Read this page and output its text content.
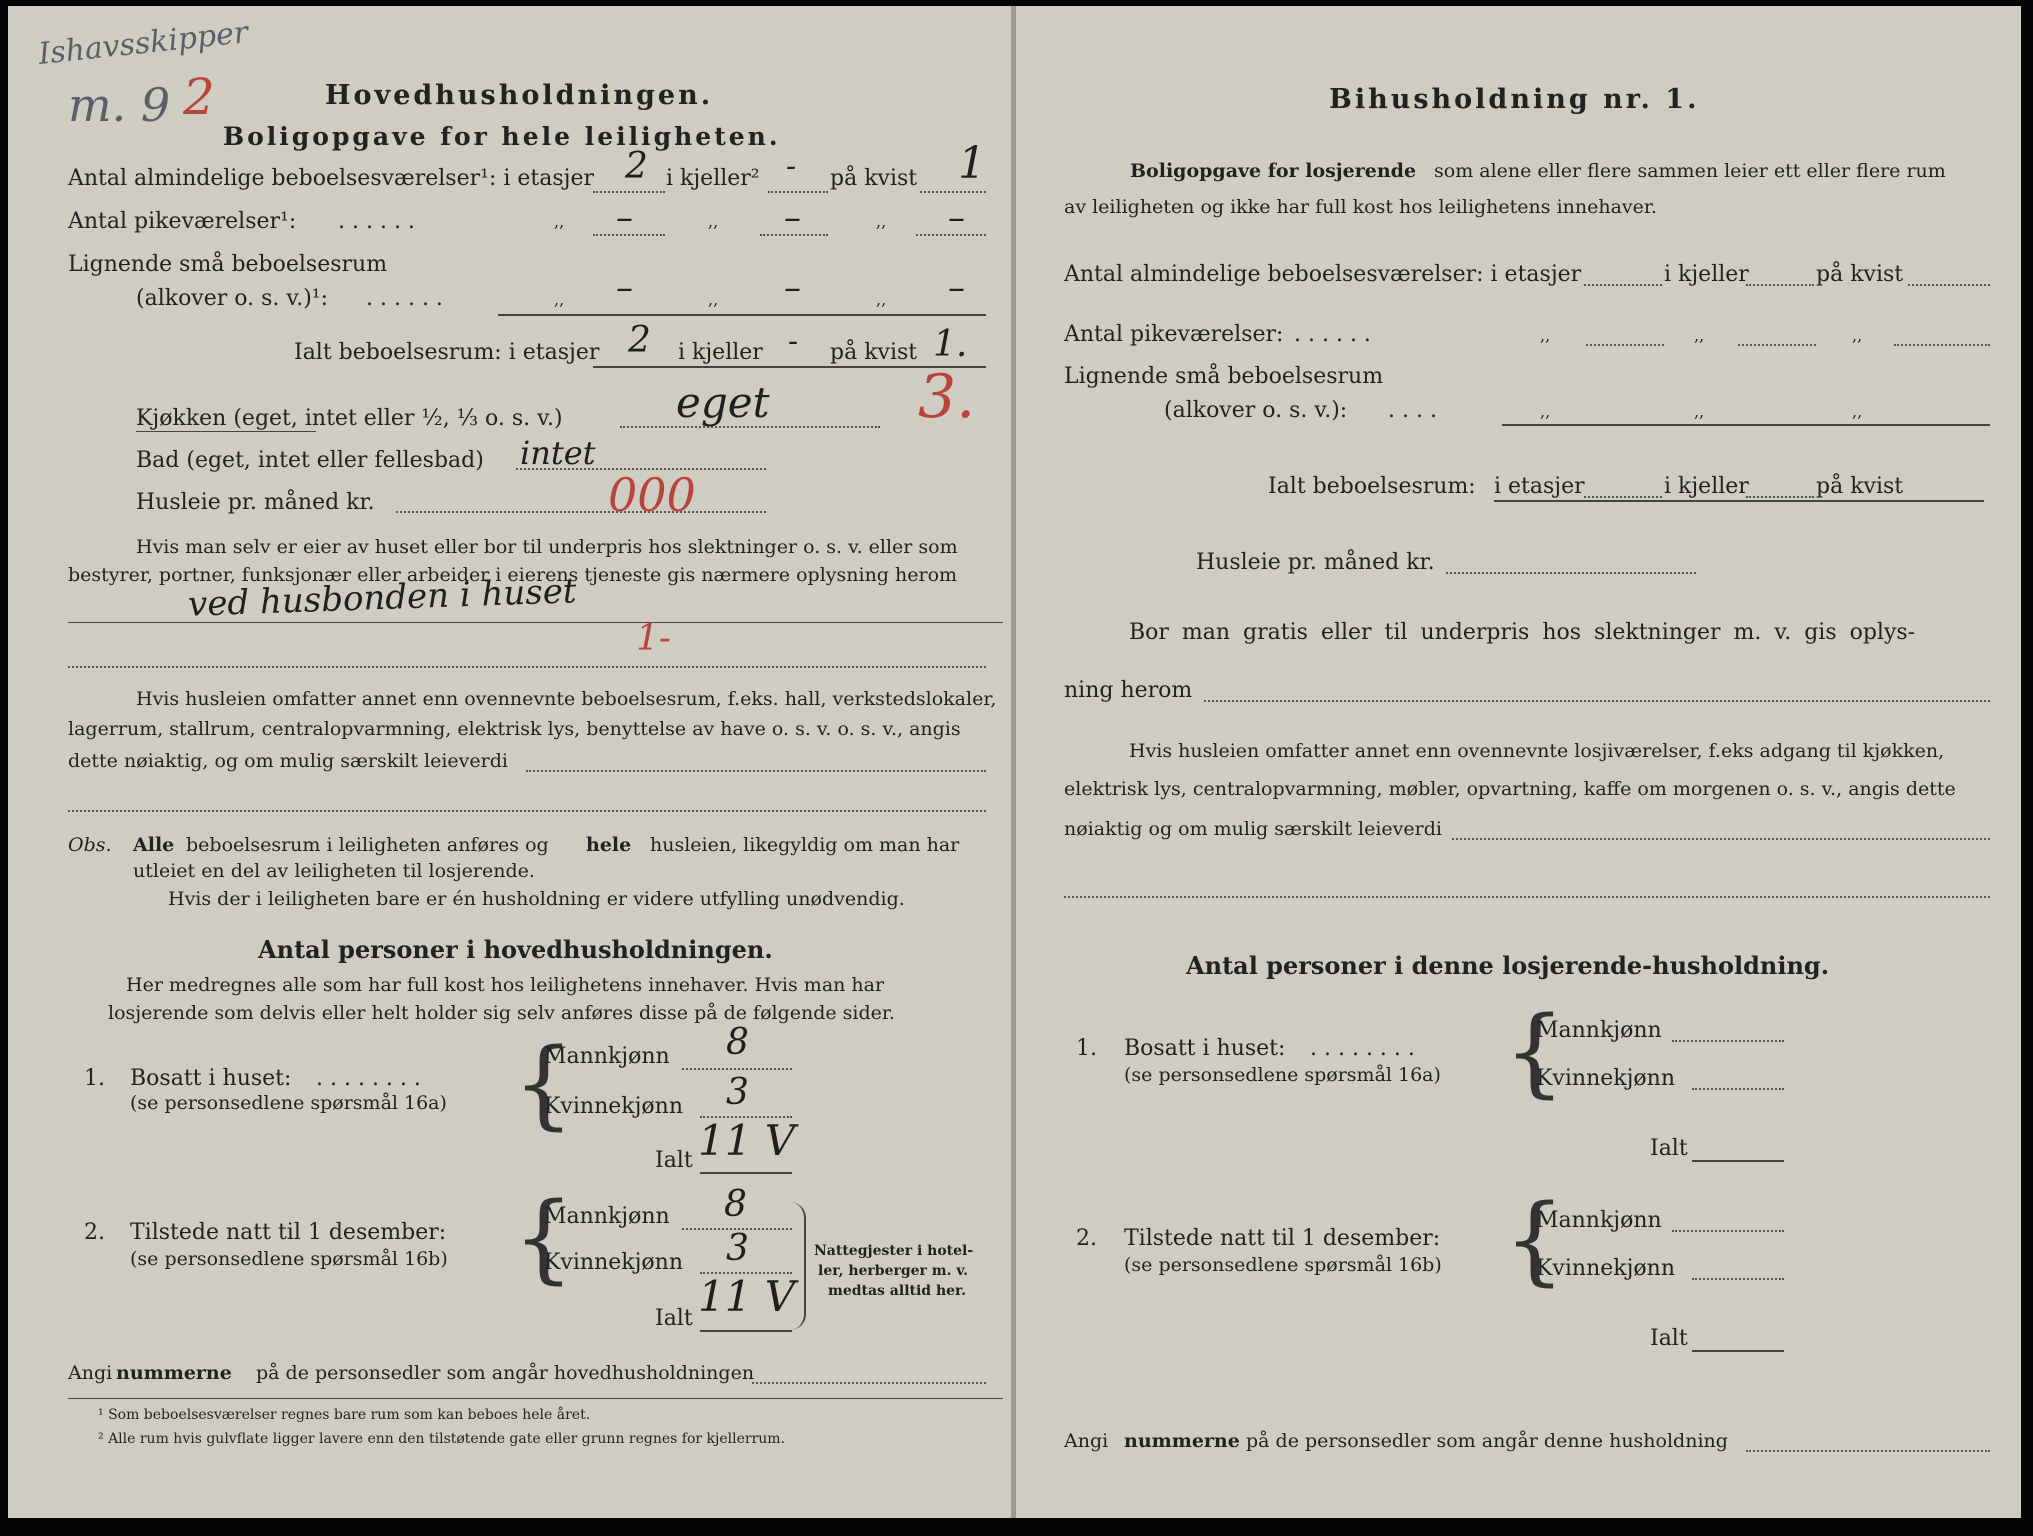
Ishavsskipper
m. 9 2	Hovedhusholdningen.
Boligopgave for hele leiligheten.
Antal almindelige beboelsesværelser¹: i etasjer 2 i kjeller² - på kvist 1
Antal pikeværelser¹: . . . . . .	,, –	,, –	,, –
Lignende små beboelsesrum
(alkover o. s. v.)¹: . . . . . .	,, –	,, –	,, –
Ialt beboelsesrum: i etasjer 2 i kjeller - på kvist 1.
3.
Kjøkken (eget, intet eller ½, ⅓ o. s. v.)	eget
Bad (eget, intet eller fellesbad) intet
Husleie pr. måned kr.	000
Hvis man selv er eier av huset eller bor til underpris hos slektninger o. s. v. eller som
bestyrer, portner, funksjonær eller arbeider i eierens tjeneste gis nærmere oplysning herom
ved husbonden i huset
1-
Hvis husleien omfatter annet enn ovennevnte beboelsesrum, f.eks. hall, verkstedslokaler,
lagerrum, stallrum, centralopvarmning, elektrisk lys, benyttelse av have o. s. v. o. s. v., angis
dette nøiaktig, og om mulig særskilt leieverdi
Obs. Alle beboelsesrum i leiligheten anføres og hele husleien, likegyldig om man har
utleiet en del av leiligheten til losjerende.
Hvis der i leiligheten bare er én husholdning er videre utfylling unødvendig.
Antal personer i hovedhusholdningen.
Her medregnes alle som har full kost hos leilighetens innehaver. Hvis man har
losjerende som delvis eller helt holder sig selv anføres disse på de følgende sider.
1. Bosatt i huset: . . . . . . . .
(se personsedlene spørsmål 16a) {
Mannkjønn 8
Kvinnekjønn 3
Ialt 11 V
2. Tilstede natt til 1 desember:
(se personsedlene spørsmål 16b) {
Mannkjønn 8
Kvinnekjønn 3
Ialt 11 V
Nattegjester i hotel-
ler, herberger m. v.
medtas alltid her.
Angi nummerne på de personsedler som angår hovedhusholdningen
¹ Som beboelsesværelser regnes bare rum som kan beboes hele året.
² Alle rum hvis gulvflate ligger lavere enn den tilstøtende gate eller grunn regnes for kjellerrum.
Bihusholdning nr. 1.
Boligopgave for losjerende som alene eller flere sammen leier ett eller flere rum
av leiligheten og ikke har full kost hos leilighetens innehaver.
Antal almindelige beboelsesværelser: i etasjer	i kjeller	på kvist
Antal pikeværelser: . . . . . .	,,	,,	,,
Lignende små beboelsesrum
(alkover o. s. v.): . . . .	,,	,,	,,
Ialt beboelsesrum: i etasjer	i kjeller	på kvist
Husleie pr. måned kr.
Bor man gratis eller til underpris hos slektninger m. v. gis oplys-
ning herom
Hvis husleien omfatter annet enn ovennevnte losjiværelser, f.eks adgang til kjøkken,
elektrisk lys, centralopvarmning, møbler, opvartning, kaffe om morgenen o. s. v., angis dette
nøiaktig og om mulig særskilt leieverdi
Antal personer i denne losjerende-husholdning.
1. Bosatt i huset: . . . . . . . .
(se personsedlene spørsmål 16a) {
Mannkjønn
Kvinnekjønn
Ialt
2. Tilstede natt til 1 desember:
(se personsedlene spørsmål 16b) {
Mannkjønn
Kvinnekjønn
Ialt
Angi nummerne på de personsedler som angår denne husholdning
